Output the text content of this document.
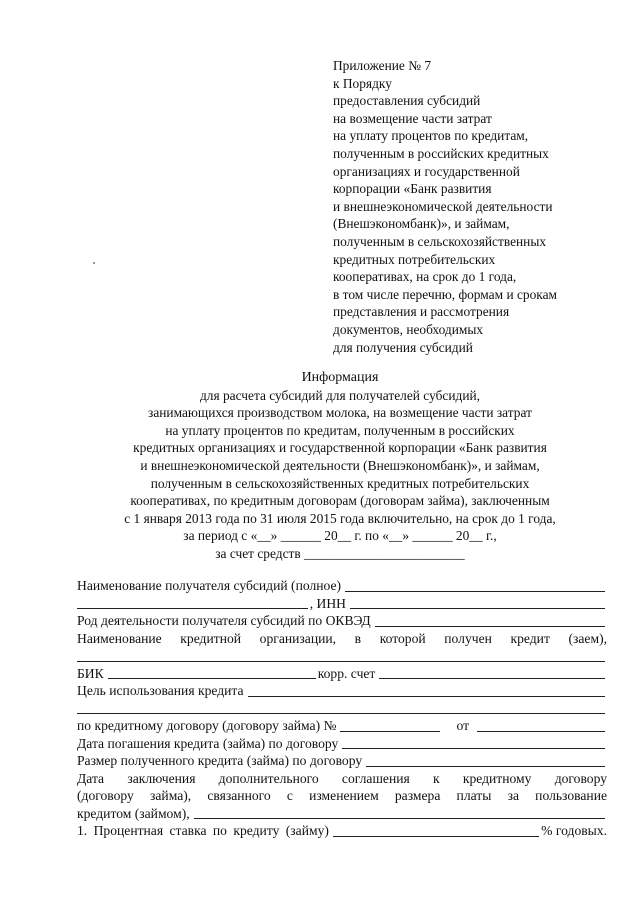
Приложение № 7
к Порядку
предоставления субсидий
на возмещение части затрат
на уплату процентов по кредитам,
полученным в российских кредитных
организациях и государственной
корпорации «Банк развития
и внешнеэкономической деятельности
(Внешэкономбанк)», и займам,
полученным в сельскохозяйственных
кредитных потребительских
кооперативах, на срок до 1 года,
в том числе перечню, формам и срокам
представления и рассмотрения
документов, необходимых
для получения субсидий
Информация
для расчета субсидий для получателей субсидий,
занимающихся производством молока, на возмещение части затрат
на уплату процентов по кредитам, полученным в российских
кредитных организациях и государственной корпорации «Банк развития
и внешнеэкономической деятельности (Внешэкономбанк)», и займам,
полученным в сельскохозяйственных кредитных потребительских
кооперативах, по кредитным договорам (договорам займа), заключенным
с 1 января 2013 года по 31 июля 2015 года включительно, на срок до 1 года,
за период с «__» ______ 20__ г. по «__» ______ 20__ г.,
за счет средств ________________________
Наименование получателя субсидий (полное)
, ИНН
Род деятельности получателя субсидий по ОКВЭД
Наименование кредитной организации, в которой получен кредит (заем),
БИК	корр. счет
Цель использования кредита
по кредитному договору (договору займа) №	от
Дата погашения кредита (займа) по договору
Размер полученного кредита (займа) по договору
Дата заключения дополнительного соглашения к кредитному договору
(договору займа), связанного с изменением размера платы за пользование
кредитом (займом),
1. Процентная ставка по кредиту (займу)	% годовых.
